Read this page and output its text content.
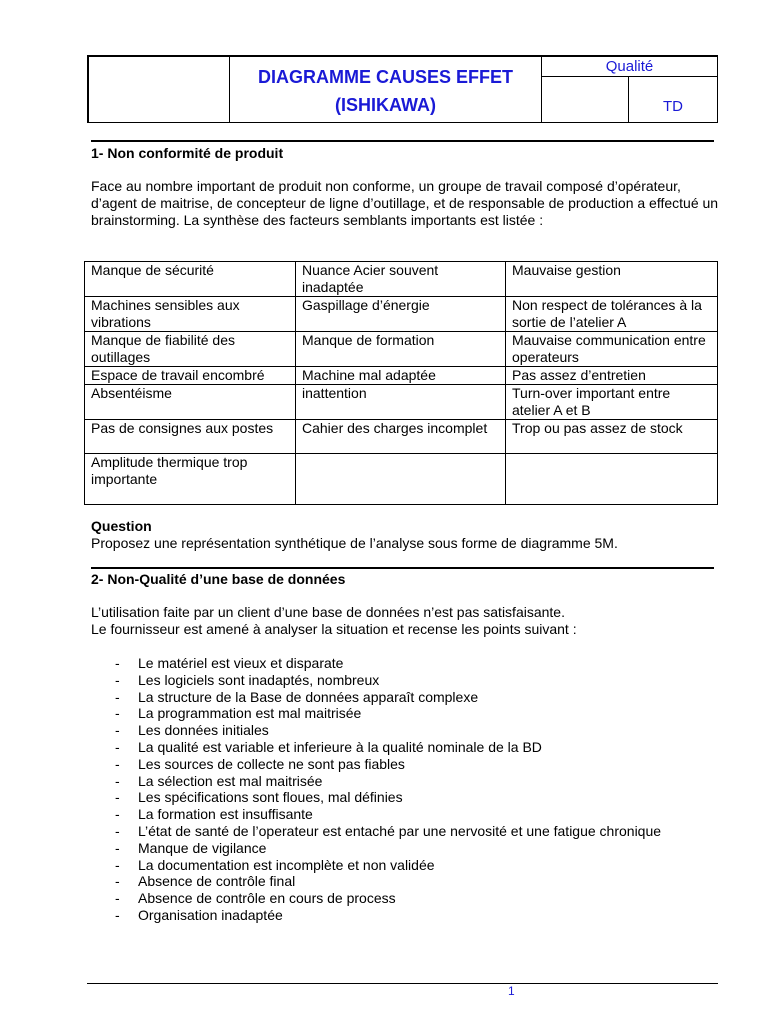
DIAGRAMME CAUSES EFFET
(ISHIKAWA)
Qualité
TD
1- Non conformité de produit
Face au nombre important de produit non conforme, un groupe de travail composé d’opérateur, d’agent de maitrise, de concepteur de ligne d’outillage, et de responsable de production a effectué un brainstorming. La synthèse des facteurs semblants importants est listée :
Manque de sécurité	Nuance Acier souvent inadaptée	Mauvaise gestion
Machines sensibles aux vibrations	Gaspillage d’énergie	Non respect de tolérances à la sortie de l’atelier A
Manque de fiabilité des outillages	Manque de formation	Mauvaise communication entre operateurs
Espace de travail encombré	Machine mal adaptée	Pas assez d’entretien
Absentéisme	inattention	Turn-over important entre atelier A et B
Pas de consignes aux postes	Cahier des charges incomplet	Trop ou pas assez de stock
Amplitude thermique trop importante		
Question
Proposez une représentation synthétique de l’analyse sous forme de diagramme 5M.
2- Non-Qualité d’une base de données
L’utilisation faite par un client d’une base de données n’est pas satisfaisante.
Le fournisseur est amené à analyser la situation et recense les points suivant :
- Le matériel est vieux et disparate
- Les logiciels sont inadaptés, nombreux
- La structure de la Base de données apparaît complexe
- La programmation est mal maitrisée
- Les données initiales
- La qualité est variable et inferieure à la qualité nominale de la BD
- Les sources de collecte ne sont pas fiables
- La sélection est mal maitrisée
- Les spécifications sont floues, mal définies
- La formation est insuffisante
- L’état de santé de l’operateur est entaché par une nervosité et une fatigue chronique
- Manque de vigilance
- La documentation est incomplète et non validée
- Absence de contrôle final
- Absence de contrôle en cours de process
- Organisation inadaptée
1
